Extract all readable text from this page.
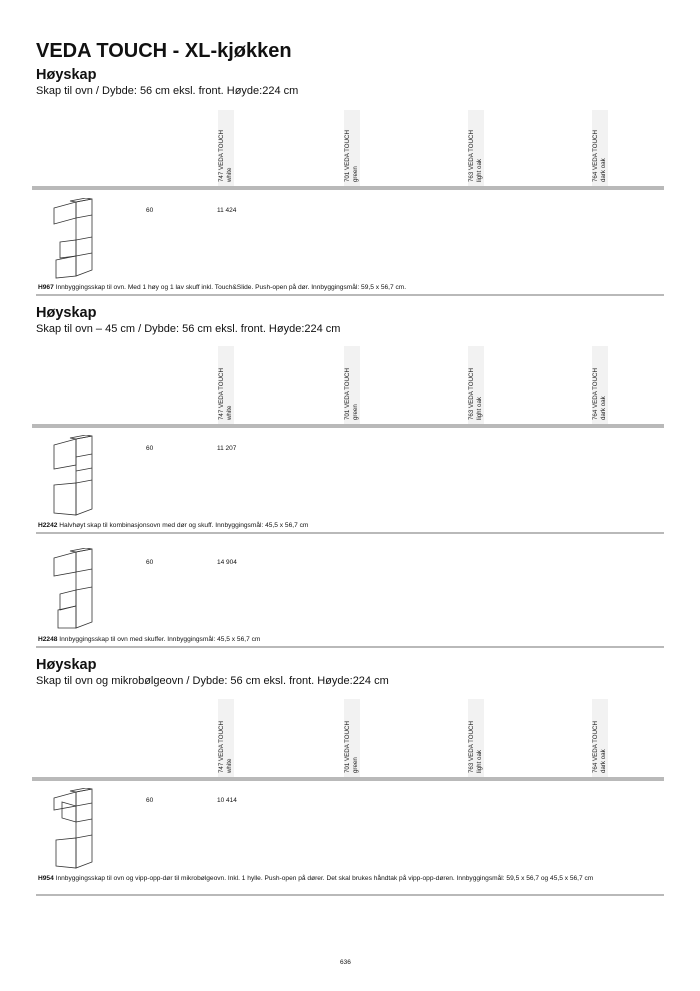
VEDA TOUCH - XL-kjøkken
Høyskap
Skap til ovn / Dybde: 56 cm eksl. front. Høyde:224 cm
747 VEDA TOUCH white	701 VEDA TOUCH green	763 VEDA TOUCH light oak	764 VEDA TOUCH dark oak
60	11 424
H967 Innbyggingsskap til ovn. Med 1 høy og 1 lav skuff inkl. Touch&Slide. Push-open på dør. Innbyggingsmål: 59,5 x 56,7 cm.
Høyskap
Skap til ovn – 45 cm / Dybde: 56 cm eksl. front. Høyde:224 cm
747 VEDA TOUCH white	701 VEDA TOUCH green	763 VEDA TOUCH light oak	764 VEDA TOUCH dark oak
60	11 207
H2242 Halvhøyt skap til kombinasjonsovn med dør og skuff. Innbyggingsmål: 45,5 x 56,7 cm
60	14 904
H2248 Innbyggingsskap til ovn med skuffer. Innbyggingsmål: 45,5 x 56,7 cm
Høyskap
Skap til ovn og mikrobølgeovn / Dybde: 56 cm eksl. front. Høyde:224 cm
747 VEDA TOUCH white	701 VEDA TOUCH green	763 VEDA TOUCH light oak	764 VEDA TOUCH dark oak
60	10 414
H954 Innbyggingsskap til ovn og vipp-opp-dør til mikrobølgeovn. Inkl. 1 hylle. Push-open på dører. Det skal brukes håndtak på vipp-opp-døren. Innbyggingsmål: 59,5 x 56,7 og 45,5 x 56,7 cm
636
